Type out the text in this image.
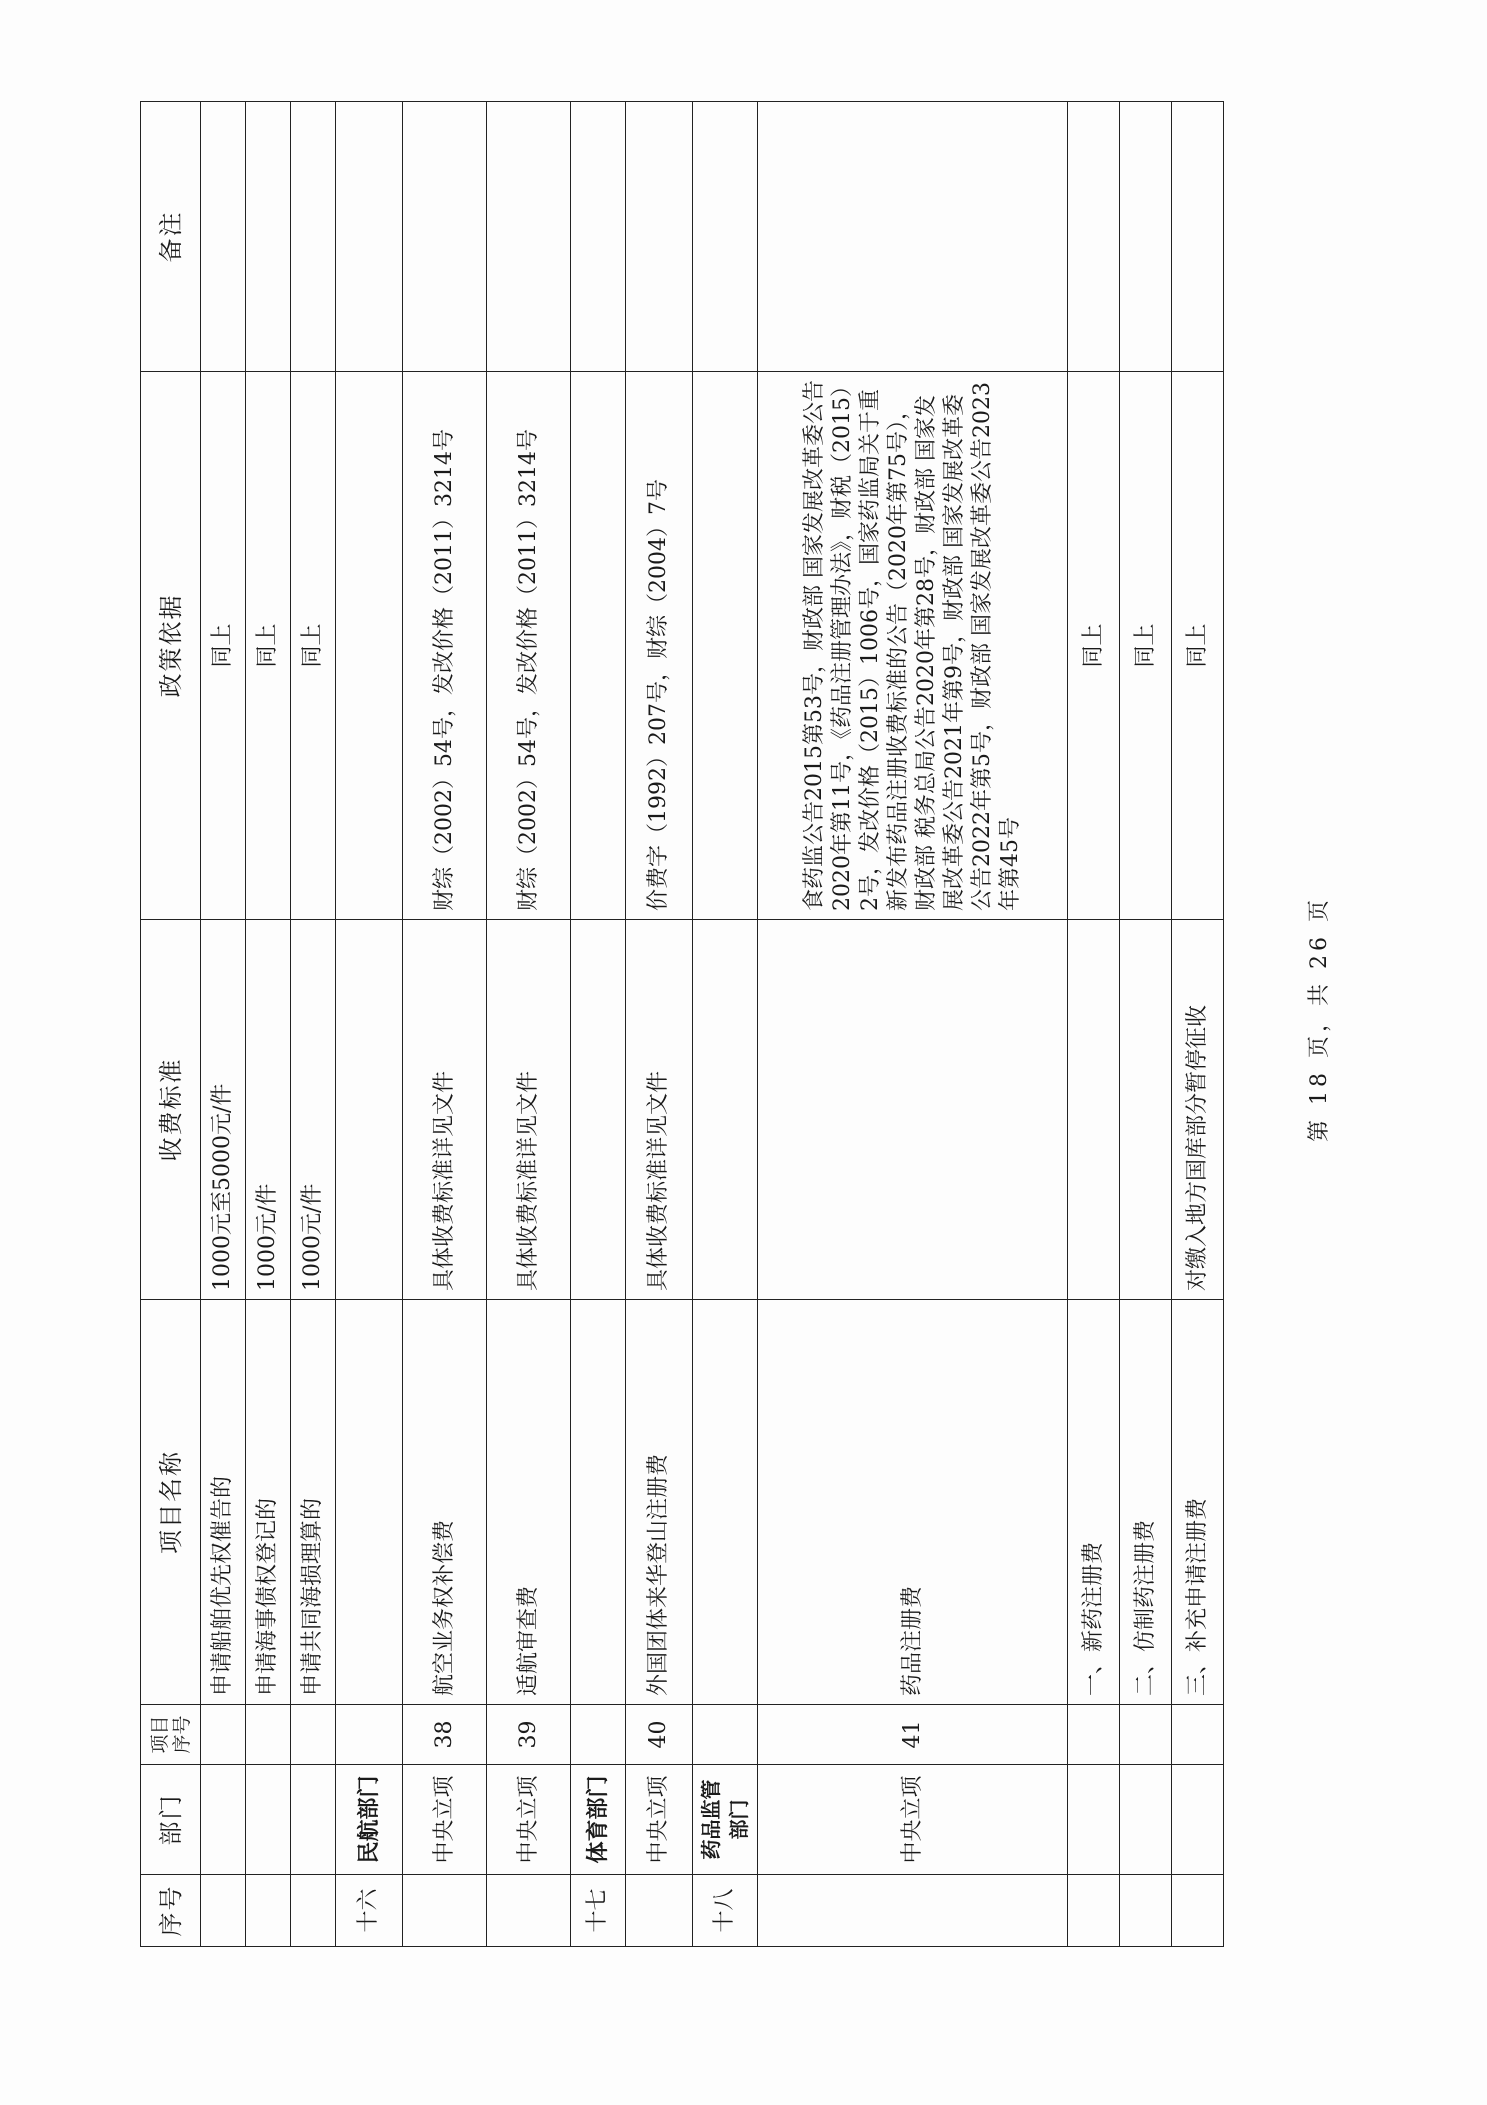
序号	部门	项目序号	项目名称	收费标准	政策依据	备注
			申请船舶优先权催告的	1000元至5000元/件	同上	
			申请海事债权登记的	1000元/件	同上	
			申请共同海损理算的	1000元/件	同上	
十六	民航部门					
	中央立项	38	航空业务权补偿费	具体收费标准详见文件	财综（2002）54号，发改价格（2011）3214号	
	中央立项	39	适航审查费	具体收费标准详见文件	财综（2002）54号，发改价格（2011）3214号	
十七	体育部门					
	中央立项	40	外国团体来华登山注册费	具体收费标准详见文件	价费字（1992）207号，财综（2004）7号	
十八	药品监管部门					
	中央立项	41	药品注册费		食药监公告2015第53号，财政部 国家发展改革委公告2020年第11号，《药品注册管理办法》，财税（2015）2号，发改价格（2015）1006号，国家药监局关于重新发布药品注册收费标准的公告（2020年第75号），财政部 税务总局公告2020年第28号，财政部 国家发展改革委公告2021年第9号，财政部 国家发展改革委公告2022年第5号，财政部 国家发展改革委公告2023年第45号	
			一、新药注册费		同上	
			二、仿制药注册费		同上	
			三、补充申请注册费	对缴入地方国库部分暂停征收	同上	
第 18 页，共 26 页
